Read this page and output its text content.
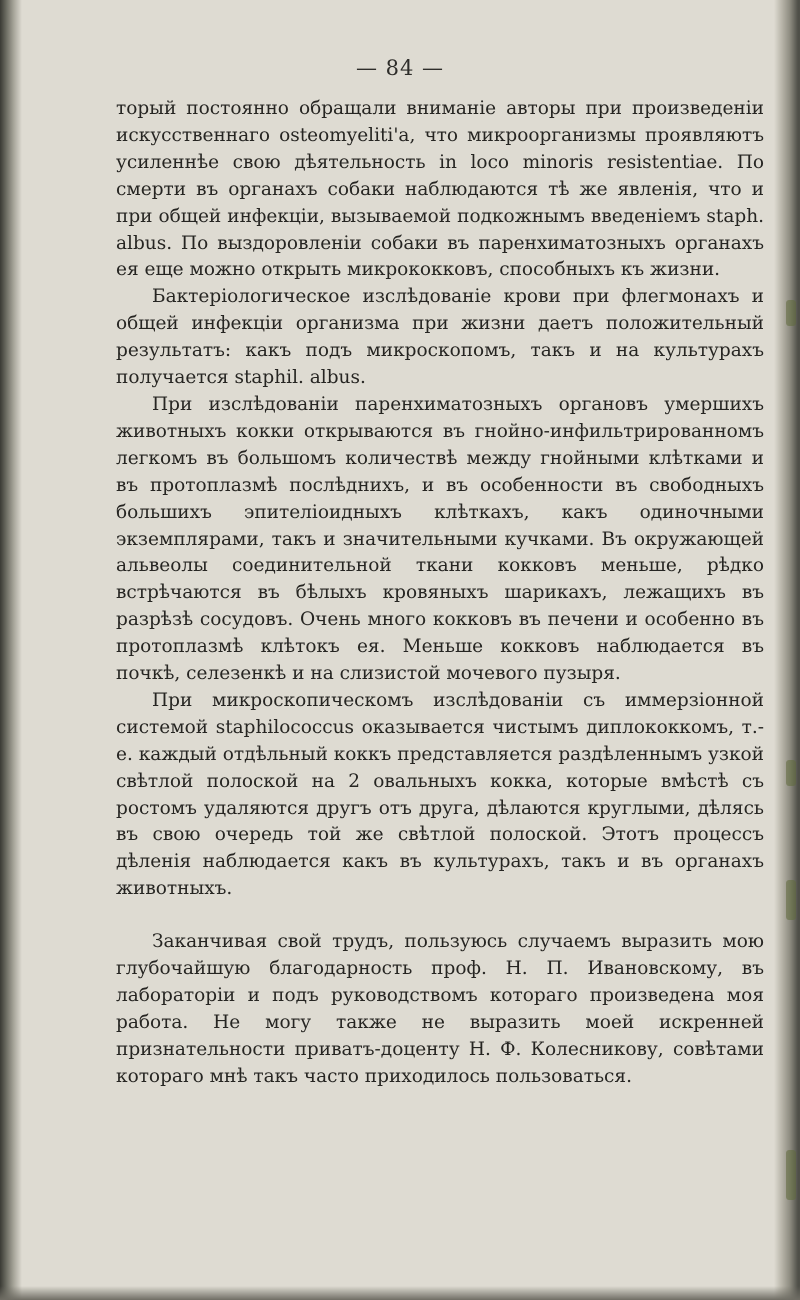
— 84 —

торый постоянно обращали вниманіе авторы при произведеніи искусственнаго osteomyelіtі'а, что микроорганизмы проявляютъ усиленнѣе свою дѣятельность in loco minoris resistentiae. По смерти въ органахъ собаки наблюдаются тѣ же явленія, что и при общей инфекціи, вызываемой подкожнымъ введеніемъ staph. albus. По выздоровленіи собаки въ паренхиматозныхъ органахъ ея еще можно открыть микрококковъ, способныхъ къ жизни.

Бактеріологическое изслѣдованіе крови при флегмонахъ и общей инфекціи организма при жизни даетъ положительный результатъ: какъ подъ микроскопомъ, такъ и на культурахъ получается staphil. albus.

При изслѣдованіи паренхиматозныхъ органовъ умершихъ животныхъ кокки открываются въ гнойно-инфильтрированномъ легкомъ въ большомъ количествѣ между гнойными клѣтками и въ протоплазмѣ послѣднихъ, и въ особенности въ свободныхъ большихъ эпителіоидныхъ клѣткахъ, какъ одиночными экземплярами, такъ и значительными кучками. Въ окружающей альвеолы соединительной ткани кокковъ меньше, рѣдко встрѣчаются въ бѣлыхъ кровяныхъ шарикахъ, лежащихъ въ разрѣзѣ сосудовъ. Очень много кокковъ въ печени и особенно въ протоплазмѣ клѣтокъ ея. Меньше кокковъ наблюдается въ почкѣ, селезенкѣ и на слизистой мочевого пузыря.

При микроскопическомъ изслѣдованіи съ иммерзіонной системой staphilococcus оказывается чистымъ диплококкомъ, т.-е. каждый отдѣльный коккъ представляется раздѣленнымъ узкой свѣтлой полоской на 2 овальныхъ кокка, которые вмѣстѣ съ ростомъ удаляются другъ отъ друга, дѣлаются круглыми, дѣлясь въ свою очередь той же свѣтлой полоской. Этотъ процессъ дѣленія наблюдается какъ въ культурахъ, такъ и въ органахъ животныхъ.

Заканчивая свой трудъ, пользуюсь случаемъ выразить мою глубочайшую благодарность проф. Н. П. Ивановскому, въ лабораторіи и подъ руководствомъ котораго произведена моя работа. Не могу также не выразить моей искренней признательности приватъ-доценту Н. Ф. Колесникову, совѣтами котораго мнѣ такъ часто приходилось пользоваться.
